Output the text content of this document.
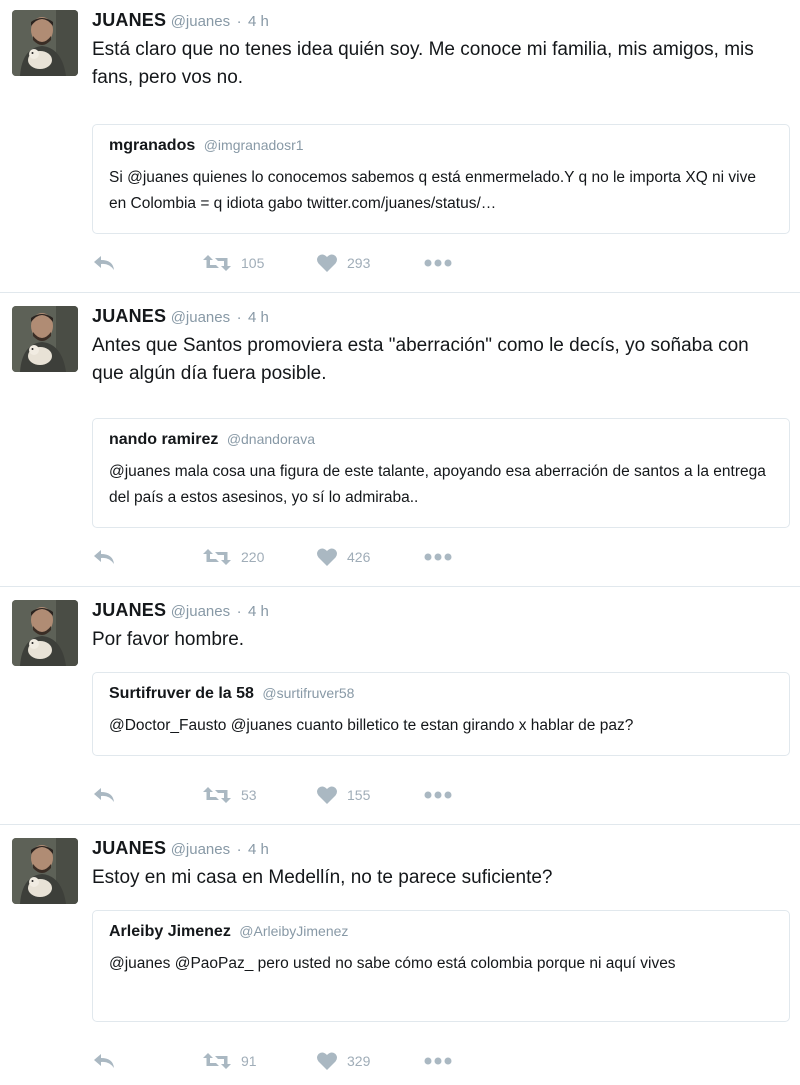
JUANES @juanes · 4 h
Está claro que no tenes idea quién soy. Me conoce mi familia, mis amigos, mis fans, pero vos no.
mgranados @imgranadosr1
Si @juanes quienes lo conocemos sabemos q está enmermelado.Y q no le importa XQ ni vive en Colombia = q idiota gabo twitter.com/juanes/status/…
105	293
JUANES @juanes · 4 h
Antes que Santos promoviera esta "aberración" como le decís, yo soñaba con que algún día fuera posible.
nando ramirez @dnandorava
@juanes mala cosa una figura de este talante, apoyando esa aberración de santos a la entrega del país a estos asesinos, yo sí lo admiraba..
220	426
JUANES @juanes · 4 h
Por favor hombre.
Surtifruver de la 58 @surtifruver58
@Doctor_Fausto @juanes cuanto billetico te estan girando x hablar de paz?
53	155
JUANES @juanes · 4 h
Estoy en mi casa en Medellín, no te parece suficiente?
Arleiby Jimenez @ArleibyJimenez
@juanes @PaoPaz_ pero usted no sabe cómo está colombia porque ni aquí vives
91	329
